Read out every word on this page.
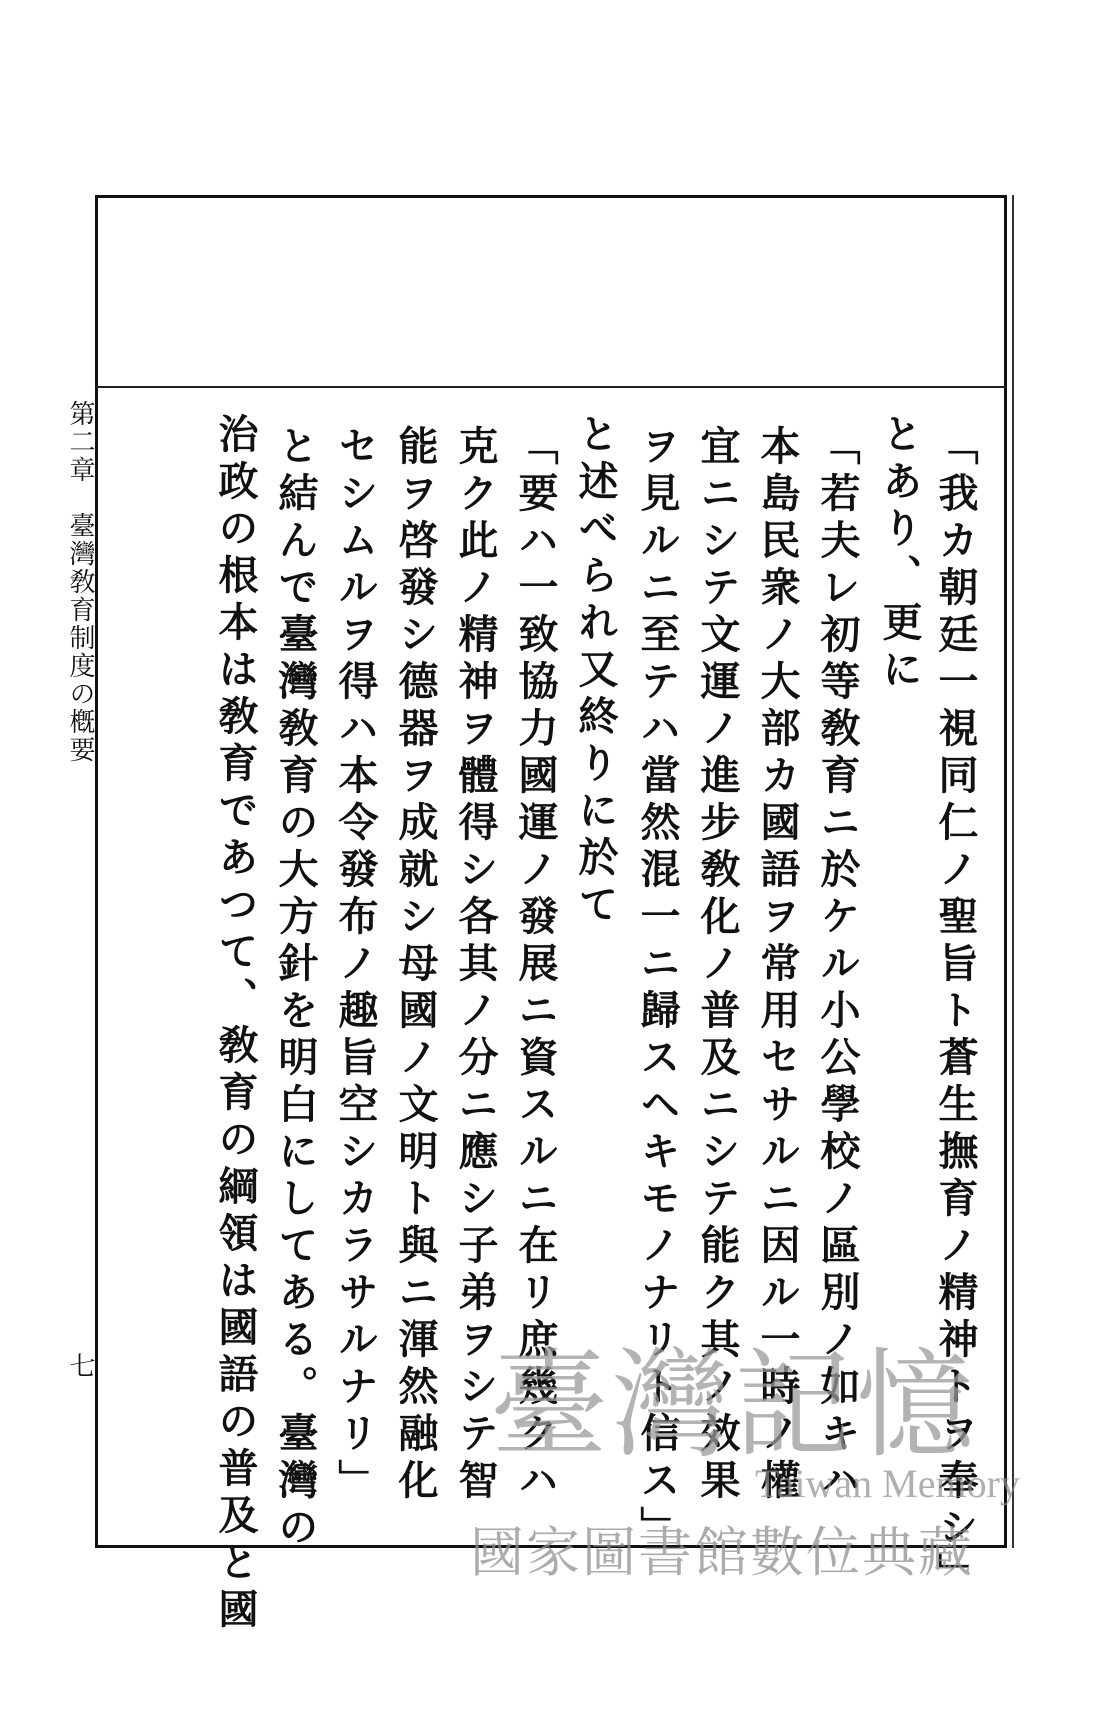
第二章　臺灣敎育制度の槪要
七	「我カ朝廷一視同仁ノ聖旨ト蒼生撫育ノ精神トヲ奉シ」
とあり、更に
「若夫レ初等敎育ニ於ケル小公學校ノ區別ノ如キハ
本島民衆ノ大部カ國語ヲ常用セサルニ因ル一時ノ權
宜ニシテ文運ノ進步敎化ノ普及ニシテ能ク其ノ效果
ヲ見ルニ至テハ當然混一ニ歸スヘキモノナリト信ス」
と述べられ又終りに於て
「要ハ一致協力國運ノ發展ニ資スルニ在リ庶幾クハ
克ク此ノ精神ヲ體得シ各其ノ分ニ應シ子弟ヲシテ智
能ヲ啓發シ德器ヲ成就シ母國ノ文明ト與ニ渾然融化
セシムルヲ得ハ本令發布ノ趣旨空シカラサルナリ」
と結んで臺灣敎育の大方針を明白にしてある。臺灣の
治政の根本は敎育であつて、敎育の綱領は國語の普及と國 臺灣記憶
Taiwan Memory
國家圖書館數位典藏
